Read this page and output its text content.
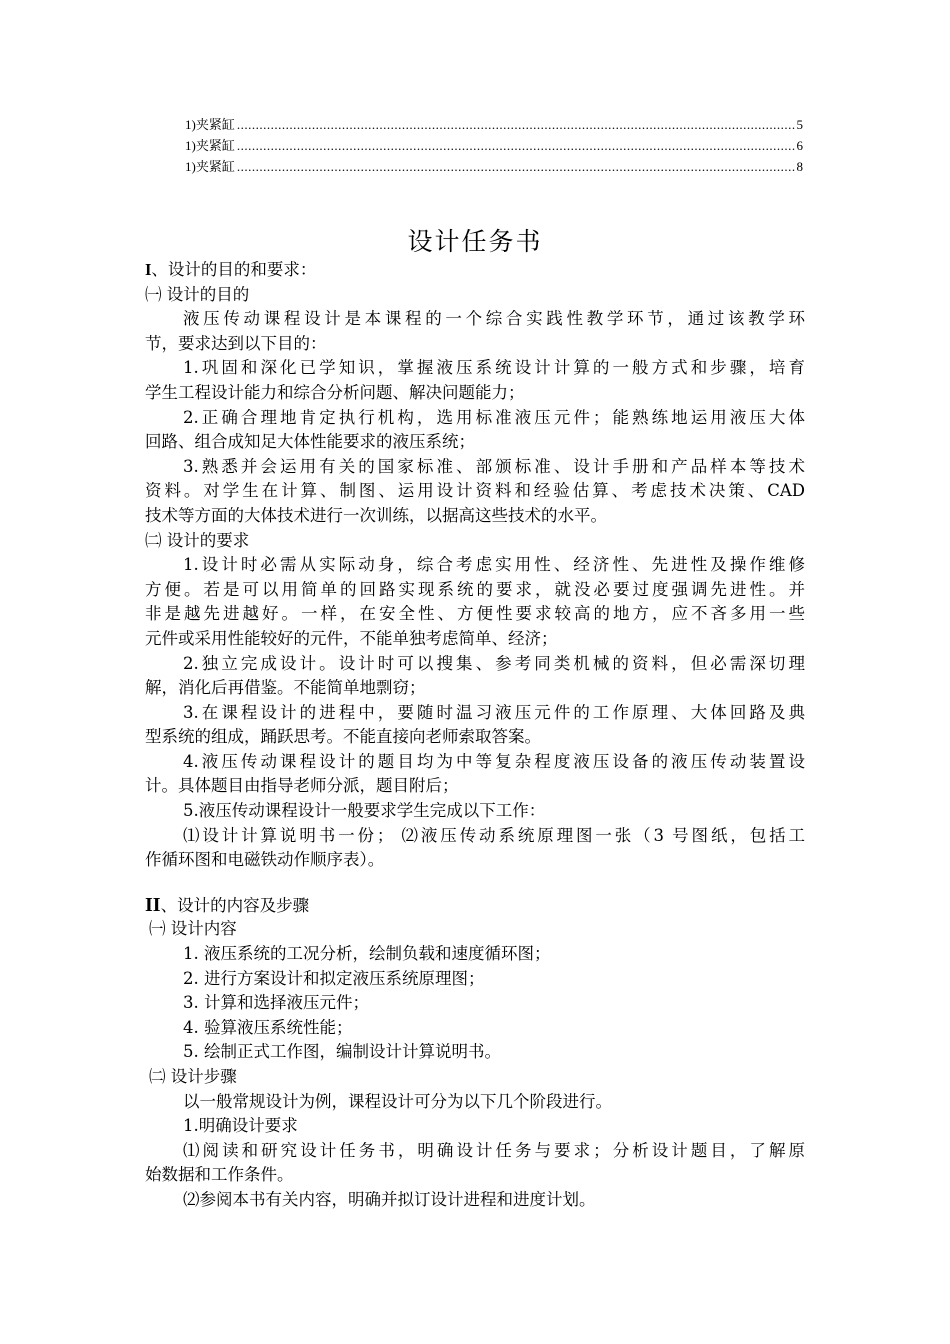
1)夹紧缸 .....	5
1)夹紧缸 .....	6
1)夹紧缸 .....	8
设计任务书
I、设计的目的和要求：
㈠ 设计的目的
液压传动课程设计是本课程的一个综合实践性教学环节，通过该教学环
节，要求达到以下目的：
1.巩固和深化已学知识，掌握液压系统设计计算的一般方式和步骤，培育
学生工程设计能力和综合分析问题、解决问题能力；
2.正确合理地肯定执行机构，选用标准液压元件；能熟练地运用液压大体
回路、组合成知足大体性能要求的液压系统；
3.熟悉并会运用有关的国家标准、部颁标准、设计手册和产品样本等技术
资料。对学生在计算、制图、运用设计资料和经验估算、考虑技术决策、CAD
技术等方面的大体技术进行一次训练，以据高这些技术的水平。
㈡ 设计的要求
1.设计时必需从实际动身，综合考虑实用性、经济性、先进性及操作维修
方便。若是可以用简单的回路实现系统的要求，就没必要过度强调先进性。并
非是越先进越好。一样，在安全性、方便性要求较高的地方，应不吝多用一些
元件或采用性能较好的元件，不能单独考虑简单、经济；
2.独立完成设计。设计时可以搜集、参考同类机械的资料，但必需深切理
解，消化后再借鉴。不能简单地剽窃；
3.在课程设计的进程中，要随时温习液压元件的工作原理、大体回路及典
型系统的组成，踊跃思考。不能直接向老师索取答案。
4.液压传动课程设计的题目均为中等复杂程度液压设备的液压传动装置设
计。具体题目由指导老师分派，题目附后；
5.液压传动课程设计一般要求学生完成以下工作：
⑴设计计算说明书一份； ⑵液压传动系统原理图一张（3 号图纸，包括工
作循环图和电磁铁动作顺序表）。
II、设计的内容及步骤
㈠ 设计内容
1. 液压系统的工况分析，绘制负载和速度循环图；
2. 进行方案设计和拟定液压系统原理图；
3. 计算和选择液压元件；
4. 验算液压系统性能；
5. 绘制正式工作图，编制设计计算说明书。
㈡ 设计步骤
以一般常规设计为例，课程设计可分为以下几个阶段进行。
1.明确设计要求
⑴阅读和研究设计任务书，明确设计任务与要求；分析设计题目，了解原
始数据和工作条件。
⑵参阅本书有关内容，明确并拟订设计进程和进度计划。
